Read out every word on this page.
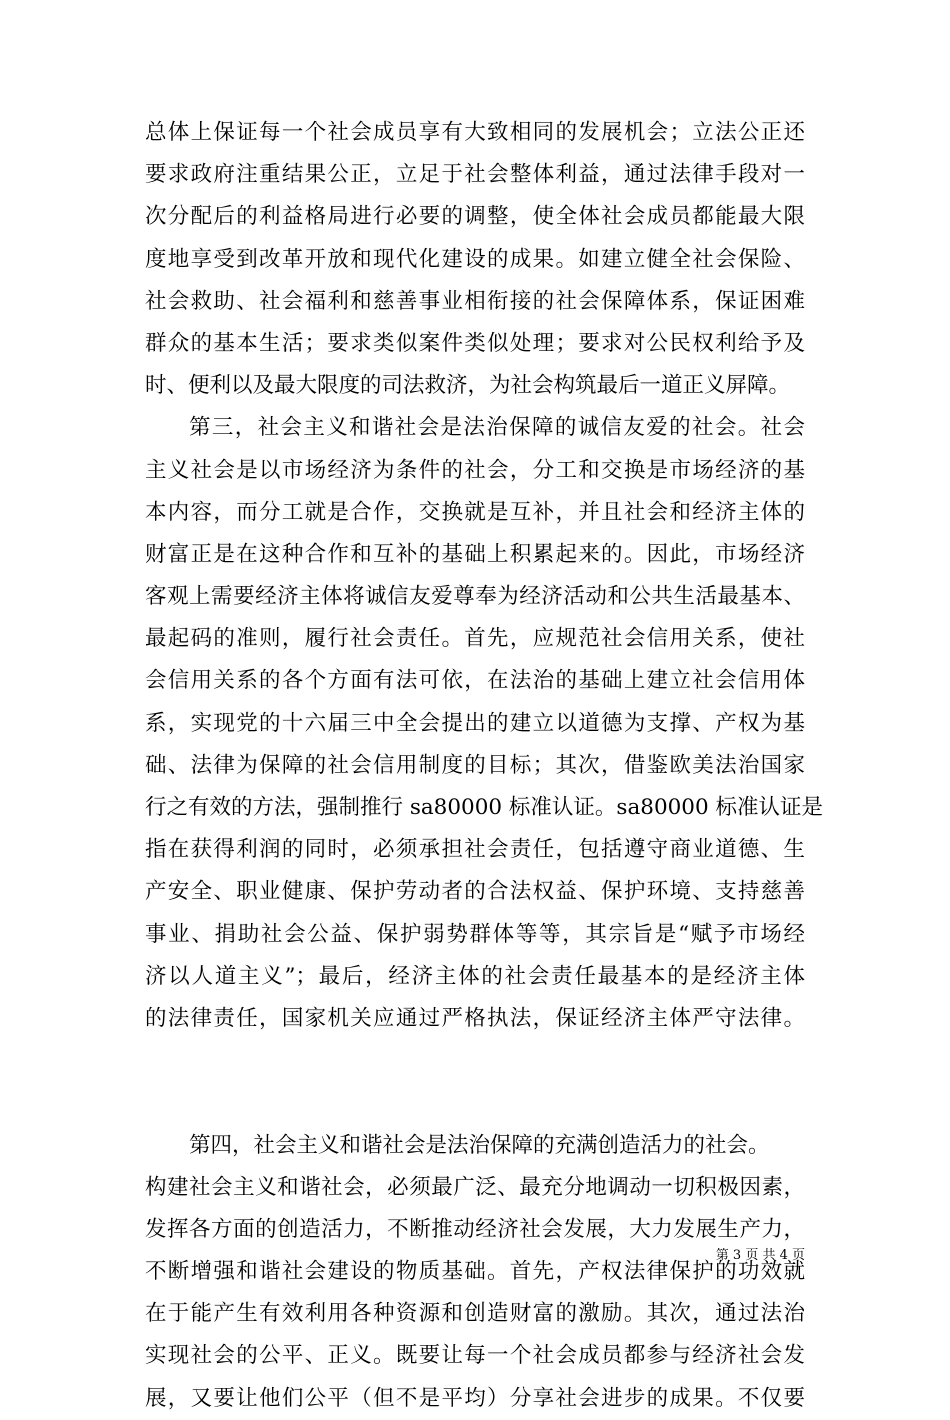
总体上保证每一个社会成员享有大致相同的发展机会；立法公正还
要求政府注重结果公正，立足于社会整体利益，通过法律手段对一
次分配后的利益格局进行必要的调整，使全体社会成员都能最大限
度地享受到改革开放和现代化建设的成果。如建立健全社会保险、
社会救助、社会福利和慈善事业相衔接的社会保障体系，保证困难
群众的基本生活；要求类似案件类似处理；要求对公民权利给予及
时、便利以及最大限度的司法救济，为社会构筑最后一道正义屏障。
第三，社会主义和谐社会是法治保障的诚信友爱的社会。社会
主义社会是以市场经济为条件的社会，分工和交换是市场经济的基
本内容，而分工就是合作，交换就是互补，并且社会和经济主体的
财富正是在这种合作和互补的基础上积累起来的。因此，市场经济
客观上需要经济主体将诚信友爱尊奉为经济活动和公共生活最基本、
最起码的准则，履行社会责任。首先，应规范社会信用关系，使社
会信用关系的各个方面有法可依，在法治的基础上建立社会信用体
系，实现党的十六届三中全会提出的建立以道德为支撑、产权为基
础、法律为保障的社会信用制度的目标；其次，借鉴欧美法治国家
行之有效的方法，强制推行 sa80000 标准认证。sa80000 标准认证是
指在获得利润的同时，必须承担社会责任，包括遵守商业道德、生
产安全、职业健康、保护劳动者的合法权益、保护环境、支持慈善
事业、捐助社会公益、保护弱势群体等等，其宗旨是“赋予市场经
济以人道主义”；最后，经济主体的社会责任最基本的是经济主体
的法律责任，国家机关应通过严格执法，保证经济主体严守法律。
第四，社会主义和谐社会是法治保障的充满创造活力的社会。
构建社会主义和谐社会，必须最广泛、最充分地调动一切积极因素，
发挥各方面的创造活力，不断推动经济社会发展，大力发展生产力，
不断增强和谐社会建设的物质基础。首先，产权法律保护的功效就
在于能产生有效利用各种资源和创造财富的激励。其次，通过法治
实现社会的公平、正义。既要让每一个社会成员都参与经济社会发
展，又要让他们公平（但不是平均）分享社会进步的成果。不仅要
第 3 页 共 4 页
